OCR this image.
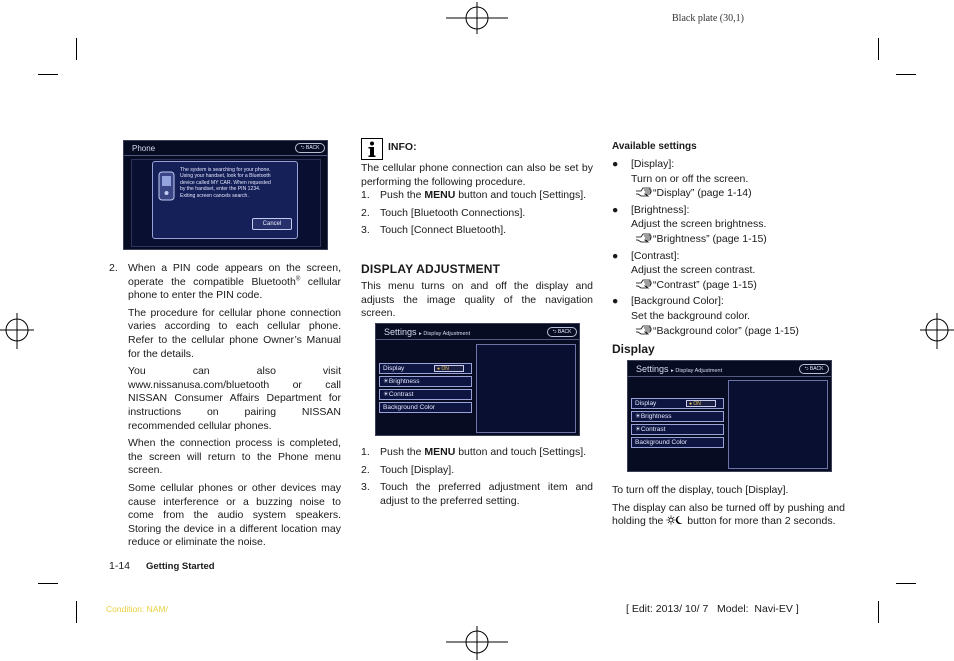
Black plate (30,1)
Phone	⮌ BACK
The system is searching for your phone.
Using your handset, look for a Bluetooth
device called MY CAR. When requested
by the handset, enter the PIN 1234.
Exiting screen cancels search.
Cancel
2. When a PIN code appears on the screen, operate the compatible Bluetooth® cellular phone to enter the PIN code.

The procedure for cellular phone connection varies according to each cellular phone. Refer to the cellular phone Owner’s Manual for the details.

You can also visit www.nissanusa.com/bluetooth or call NISSAN Consumer Affairs Department for instructions on pairing NISSAN recommended cellular phones.

When the connection process is completed, the screen will return to the Phone menu screen.

Some cellular phones or other devices may cause interference or a buzzing noise to come from the audio system speakers. Storing the device in a different location may reduce or eliminate the noise.

INFO:

The cellular phone connection can also be set by performing the following procedure.

1. Push the MENU button and touch [Settings].
2. Touch [Bluetooth Connections].
3. Touch [Connect Bluetooth].
DISPLAY ADJUSTMENT

This menu turns on and off the display and adjusts the image quality of the navigation screen.

Settings ▸ Display Adjustment	⮌ BACK
Display	● ON
☀Brightness
☀Contrast
Background Color
1. Push the MENU button and touch [Settings].
2. Touch [Display].
3. Touch the preferred adjustment item and adjust to the preferred setting.
Available settings
● [Display]:
Turn on or off the screen.
“Display” (page 1-14)
● [Brightness]:
Adjust the screen brightness.
“Brightness” (page 1-15)
● [Contrast]:
Adjust the screen contrast.
“Contrast” (page 1-15)
● [Background Color]:
Set the background color.
“Background color” (page 1-15)
Display
Settings ▸ Display Adjustment	⮌ BACK
Display	● ON
☀Brightness
☀Contrast
Background Color

To turn off the display, touch [Display].

The display can also be turned off by pushing and holding the button for more than 2 seconds.

1-14 Getting Started
Condition: NAM/	[ Edit: 2013/ 10/ 7   Model:  Navi-EV ]
